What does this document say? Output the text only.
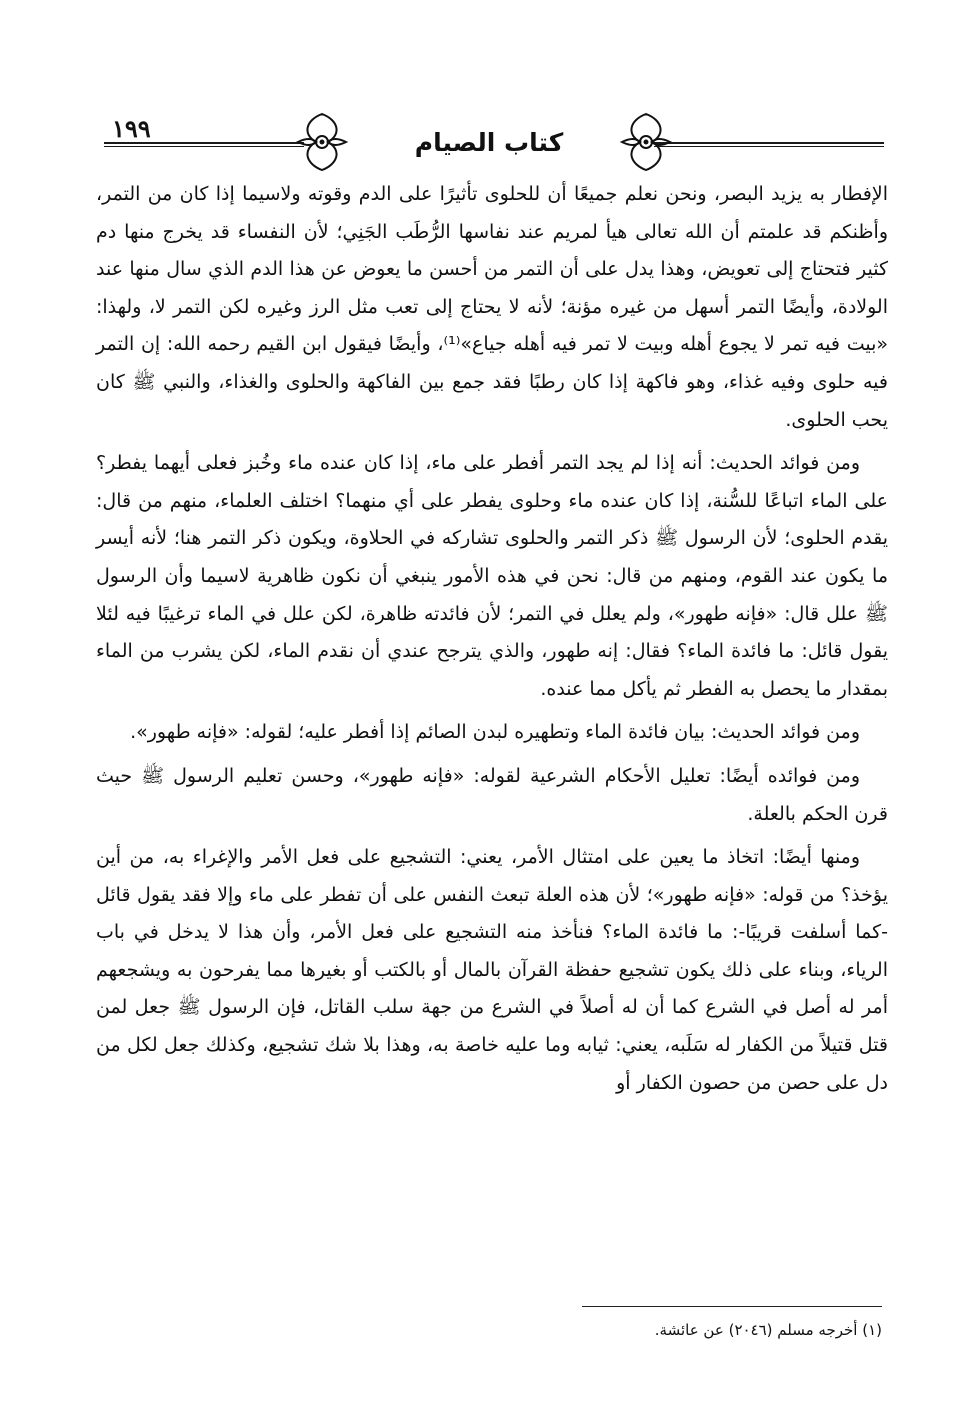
١٩٩	كتاب الصيام

الإفطار به يزيد البصر، ونحن نعلم جميعًا أن للحلوى تأثيرًا على الدم وقوته ولاسيما إذا كان من التمر، وأظنكم قد علمتم أن الله تعالى هيأ لمريم عند نفاسها الرُّطَب الجَنِي؛ لأن النفساء قد يخرج منها دم كثير فتحتاج إلى تعويض، وهذا يدل على أن التمر من أحسن ما يعوض عن هذا الدم الذي سال منها عند الولادة، وأيضًا التمر أسهل من غيره مؤنة؛ لأنه لا يحتاج إلى تعب مثل الرز وغيره لكن التمر لا، ولهذا: «بيت فيه تمر لا يجوع أهله وبيت لا تمر فيه أهله جياع»⁽¹⁾، وأيضًا فيقول ابن القيم رحمه الله: إن التمر فيه حلوى وفيه غذاء، وهو فاكهة إذا كان رطبًا فقد جمع بين الفاكهة والحلوى والغذاء، والنبي ﷺ كان يحب الحلوى.

ومن فوائد الحديث: أنه إذا لم يجد التمر أفطر على ماء، إذا كان عنده ماء وخُبز فعلى أيهما يفطر؟ على الماء اتباعًا للسُّنة، إذا كان عنده ماء وحلوى يفطر على أي منهما؟ اختلف العلماء، منهم من قال: يقدم الحلوى؛ لأن الرسول ﷺ ذكر التمر والحلوى تشاركه في الحلاوة، ويكون ذكر التمر هنا؛ لأنه أيسر ما يكون عند القوم، ومنهم من قال: نحن في هذه الأمور ينبغي أن نكون ظاهرية لاسيما وأن الرسول ﷺ علل قال: «فإنه طهور»، ولم يعلل في التمر؛ لأن فائدته ظاهرة، لكن علل في الماء ترغيبًا فيه لئلا يقول قائل: ما فائدة الماء؟ فقال: إنه طهور، والذي يترجح عندي أن نقدم الماء، لكن يشرب من الماء بمقدار ما يحصل به الفطر ثم يأكل مما عنده.

ومن فوائد الحديث: بيان فائدة الماء وتطهيره لبدن الصائم إذا أفطر عليه؛ لقوله: «فإنه طهور».

ومن فوائده أيضًا: تعليل الأحكام الشرعية لقوله: «فإنه طهور»، وحسن تعليم الرسول ﷺ حيث قرن الحكم بالعلة.

ومنها أيضًا: اتخاذ ما يعين على امتثال الأمر، يعني: التشجيع على فعل الأمر والإغراء به، من أين يؤخذ؟ من قوله: «فإنه طهور»؛ لأن هذه العلة تبعث النفس على أن تفطر على ماء وإلا فقد يقول قائل -كما أسلفت قريبًا-: ما فائدة الماء؟ فنأخذ منه التشجيع على فعل الأمر، وأن هذا لا يدخل في باب الرياء، وبناء على ذلك يكون تشجيع حفظة القرآن بالمال أو بالكتب أو بغيرها مما يفرحون به ويشجعهم أمر له أصل في الشرع كما أن له أصلاً في الشرع من جهة سلب القاتل، فإن الرسول ﷺ جعل لمن قتل قتيلاً من الكفار له سَلَبه، يعني: ثيابه وما عليه خاصة به، وهذا بلا شك تشجيع، وكذلك جعل لكل من دل على حصن من حصون الكفار أو

(١) أخرجه مسلم (٢٠٤٦) عن عائشة.
